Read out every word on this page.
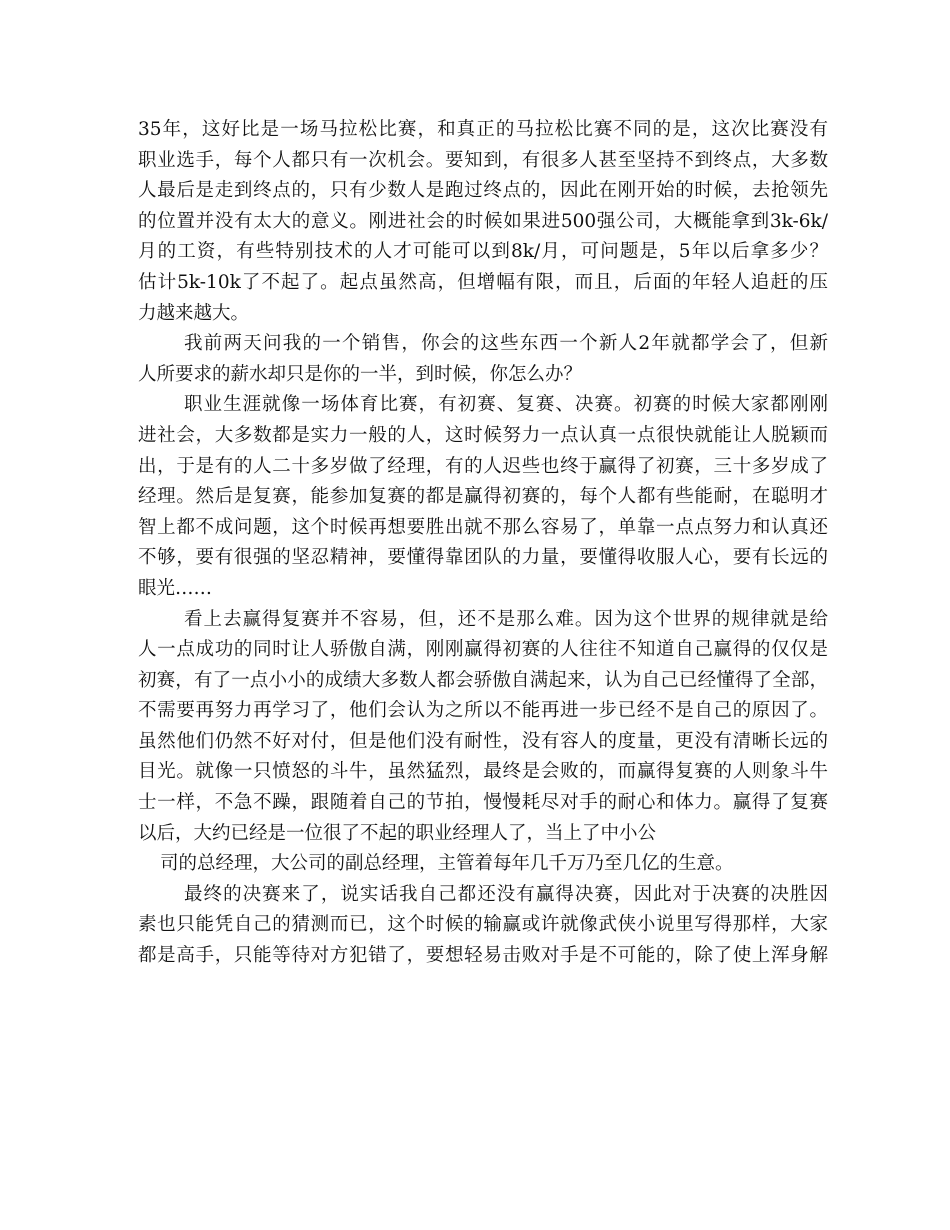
35年，这好比是一场马拉松比赛，和真正的马拉松比赛不同的是，这次比赛没有
职业选手，每个人都只有一次机会。要知到，有很多人甚至坚持不到终点，大多数
人最后是走到终点的，只有少数人是跑过终点的，因此在刚开始的时候，去抢领先
的位置并没有太大的意义。刚进社会的时候如果进500强公司，大概能拿到3k-6k/
月的工资，有些特别技术的人才可能可以到8k/月，可问题是，5年以后拿多少？
估计5k-10k了不起了。起点虽然高，但增幅有限，而且，后面的年轻人追赶的压
力越来越大。
我前两天问我的一个销售，你会的这些东西一个新人2年就都学会了，但新
人所要求的薪水却只是你的一半，到时候，你怎么办？
职业生涯就像一场体育比赛，有初赛、复赛、决赛。初赛的时候大家都刚刚
进社会，大多数都是实力一般的人，这时候努力一点认真一点很快就能让人脱颖而
出，于是有的人二十多岁做了经理，有的人迟些也终于赢得了初赛，三十多岁成了
经理。然后是复赛，能参加复赛的都是赢得初赛的，每个人都有些能耐，在聪明才
智上都不成问题，这个时候再想要胜出就不那么容易了，单靠一点点努力和认真还
不够，要有很强的坚忍精神，要懂得靠团队的力量，要懂得收服人心，要有长远的
眼光……
看上去赢得复赛并不容易，但，还不是那么难。因为这个世界的规律就是给
人一点成功的同时让人骄傲自满，刚刚赢得初赛的人往往不知道自己赢得的仅仅是
初赛，有了一点小小的成绩大多数人都会骄傲自满起来，认为自己已经懂得了全部，
不需要再努力再学习了，他们会认为之所以不能再进一步已经不是自己的原因了。
虽然他们仍然不好对付，但是他们没有耐性，没有容人的度量，更没有清晰长远的
目光。就像一只愤怒的斗牛，虽然猛烈，最终是会败的，而赢得复赛的人则象斗牛
士一样，不急不躁，跟随着自己的节拍，慢慢耗尽对手的耐心和体力。赢得了复赛
以后，大约已经是一位很了不起的职业经理人了，当上了中小公
司的总经理，大公司的副总经理，主管着每年几千万乃至几亿的生意。
最终的决赛来了，说实话我自己都还没有赢得决赛，因此对于决赛的决胜因
素也只能凭自己的猜测而已，这个时候的输赢或许就像武侠小说里写得那样，大家
都是高手，只能等待对方犯错了，要想轻易击败对手是不可能的，除了使上浑身解
